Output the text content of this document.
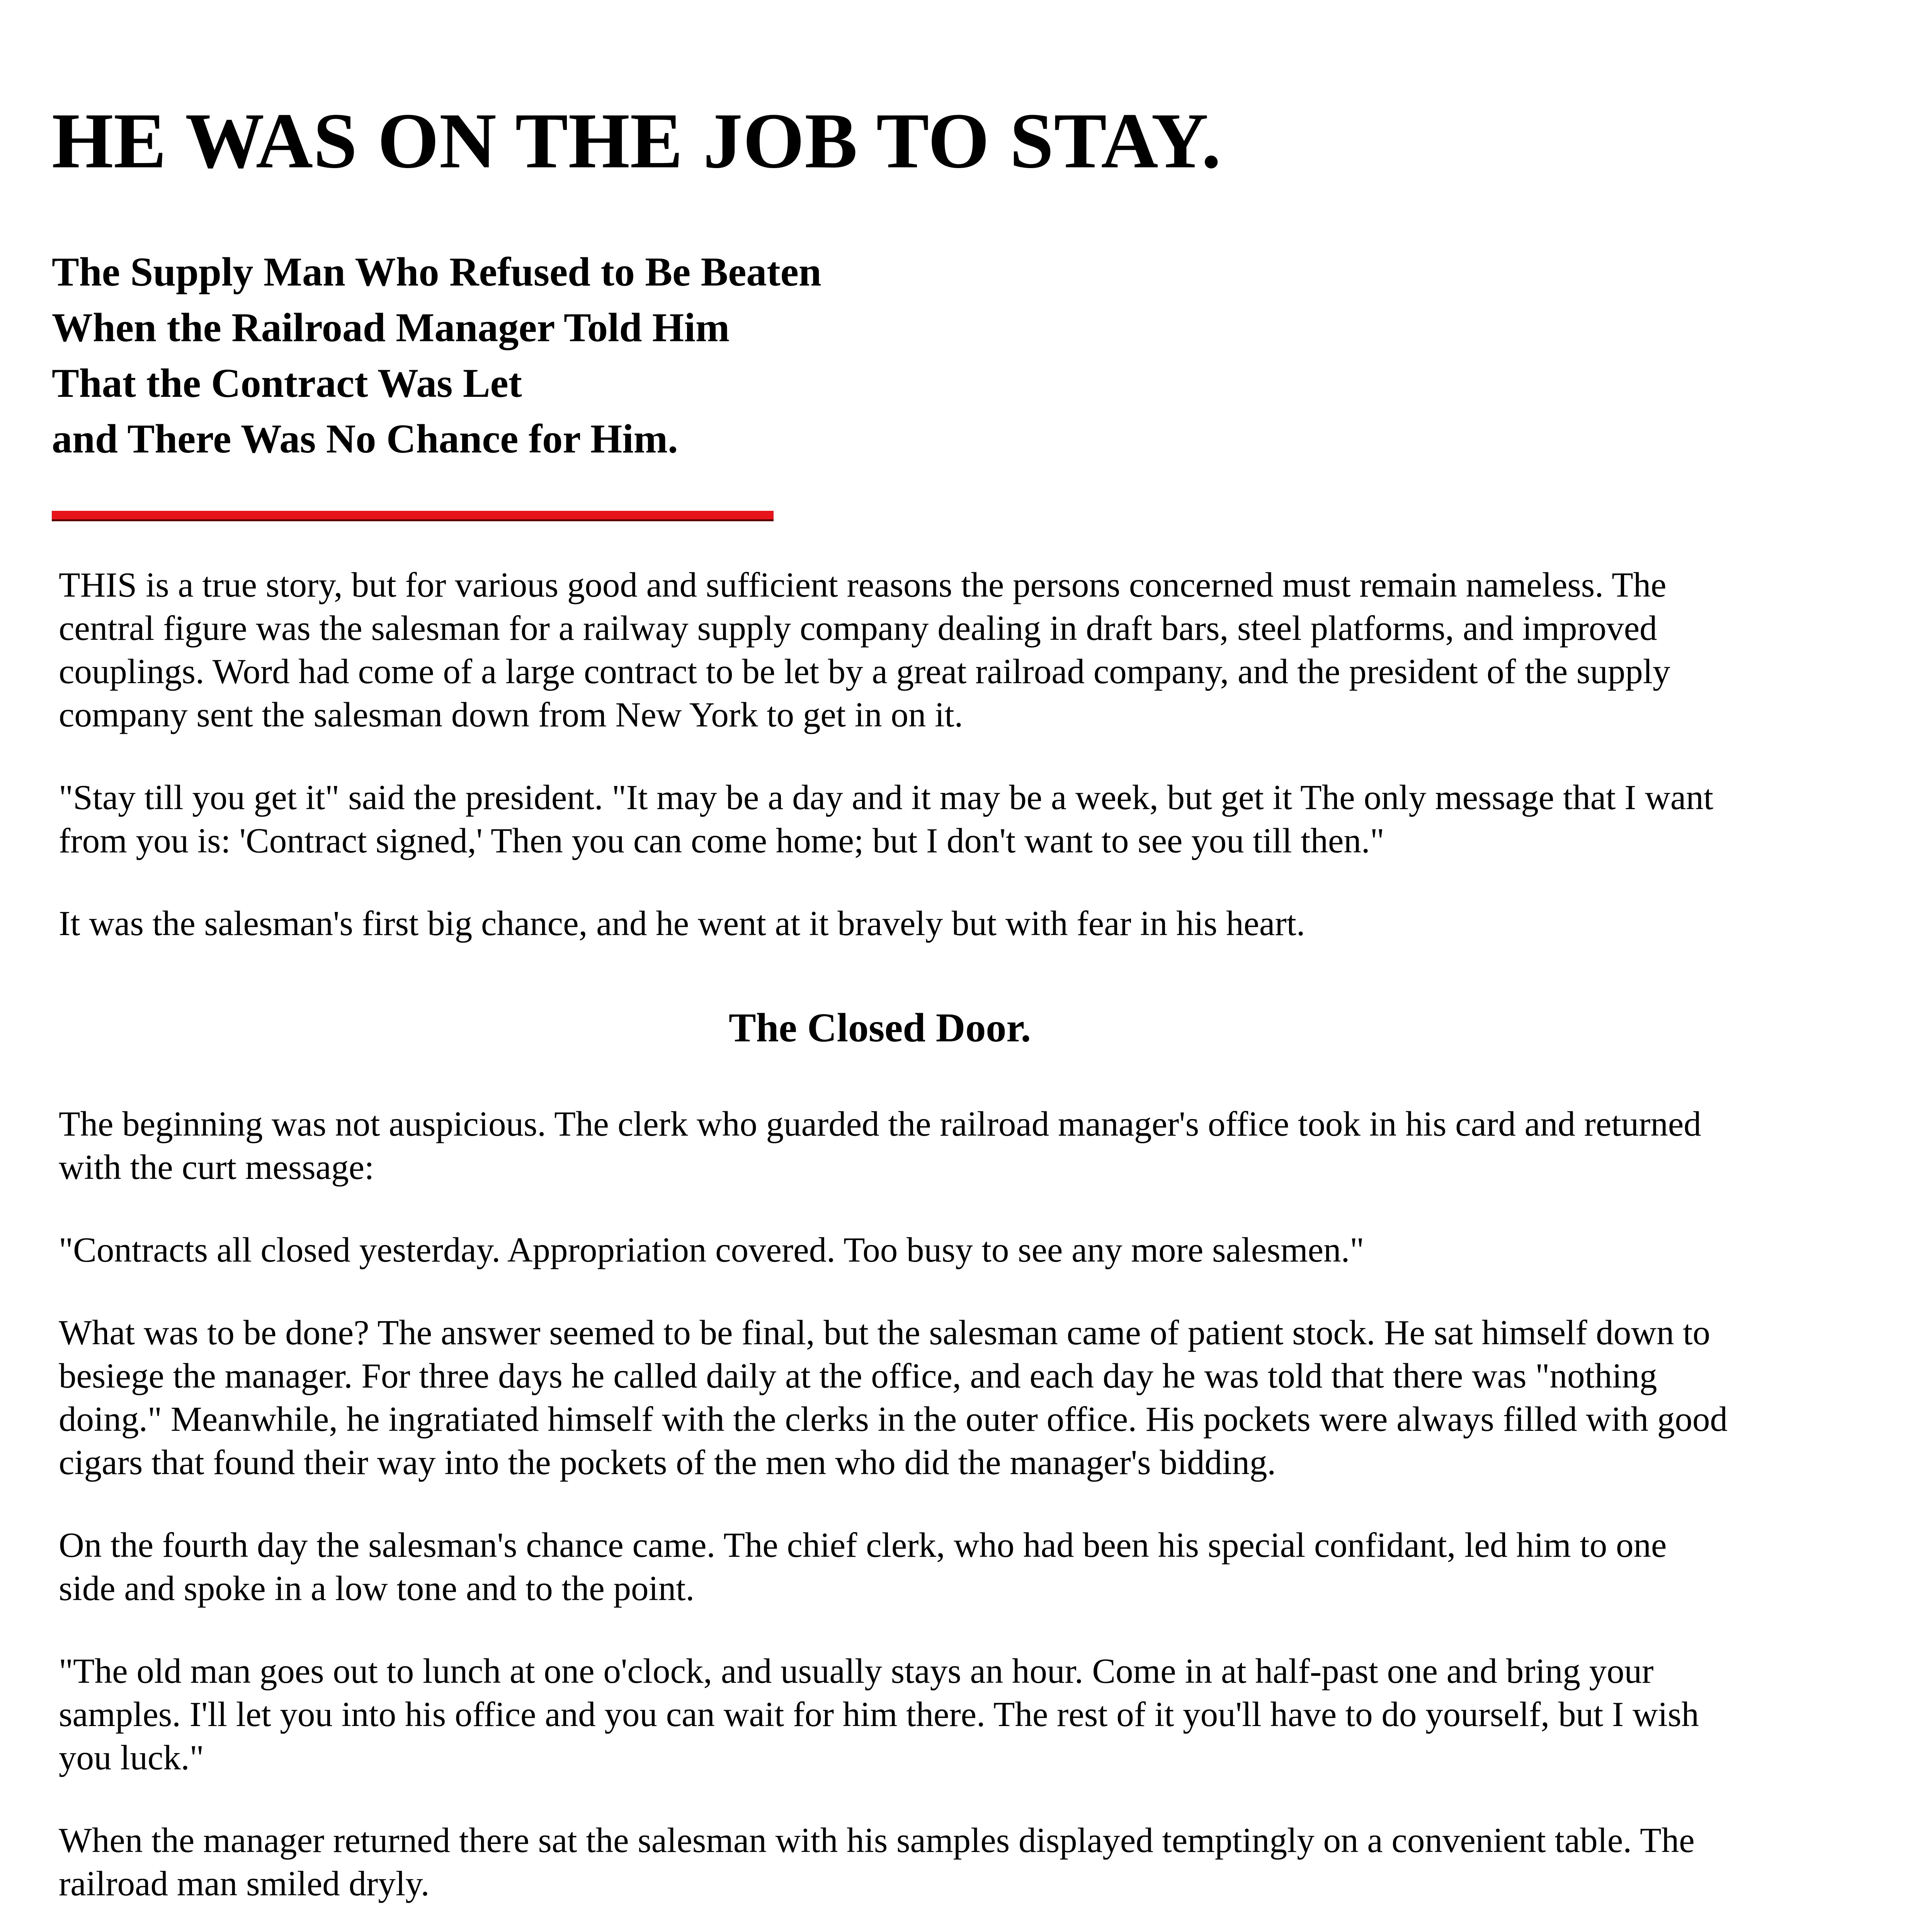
HE WAS ON THE JOB TO STAY.
The Supply Man Who Refused to Be Beaten
When the Railroad Manager Told Him
That the Contract Was Let
and There Was No Chance for Him.

THIS is a true story, but for various good and sufficient reasons the persons concerned must remain nameless. The central figure was the salesman for a railway supply company dealing in draft bars, steel platforms, and improved couplings. Word had come of a large contract to be let by a great railroad company, and the president of the supply company sent the salesman down from New York to get in on it.

"Stay till you get it" said the president. "It may be a day and it may be a week, but get it The only message that I want from you is: 'Contract signed,' Then you can come home; but I don't want to see you till then."

It was the salesman's first big chance, and he went at it bravely but with fear in his heart.

The Closed Door.

The beginning was not auspicious. The clerk who guarded the railroad manager's office took in his card and returned with the curt message:

"Contracts all closed yesterday. Appropriation covered. Too busy to see any more salesmen."

What was to be done? The answer seemed to be final, but the salesman came of patient stock. He sat himself down to besiege the manager. For three days he called daily at the office, and each day he was told that there was "nothing doing." Meanwhile, he ingratiated himself with the clerks in the outer office. His pockets were always filled with good cigars that found their way into the pockets of the men who did the manager's bidding.

On the fourth day the salesman's chance came. The chief clerk, who had been his special confidant, led him to one side and spoke in a low tone and to the point.

"The old man goes out to lunch at one o'clock, and usually stays an hour. Come in at half-past one and bring your samples. I'll let you into his office and you can wait for him there. The rest of it you'll have to do yourself, but I wish you luck."

When the manager returned there sat the salesman with his samples displayed temptingly on a convenient table. The railroad man smiled dryly.
